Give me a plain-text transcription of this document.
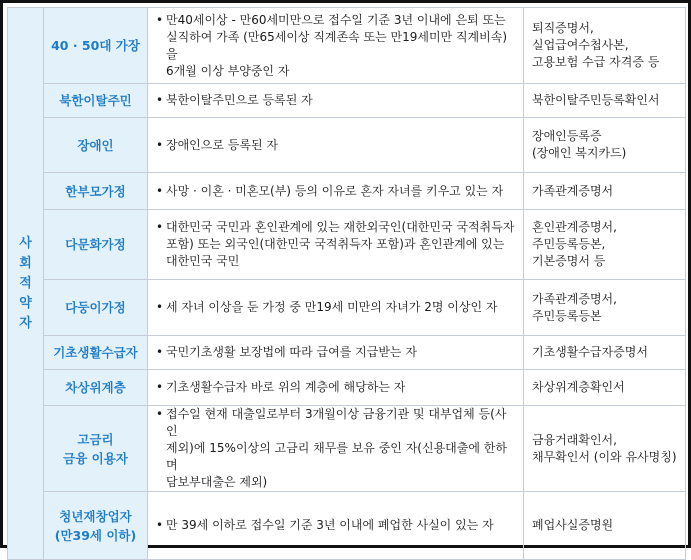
사
회
적
약
자	40 · 50대 가장	• 만40세이상 - 만60세미만으로 접수일 기준 3년 이내에 은퇴 또는
실직하여 가족 (만65세이상 직계존속 또는 만19세미만 직계비속)을
6개월 이상 부양중인 자	퇴직증명서,
실업급여수첩사본,
고용보험 수급 자격증 등
	북한이탈주민	• 북한이탈주민으로 등록된 자	북한이탈주민등록확인서
	장애인	• 장애인으로 등록된 자	장애인등록증
(장애인 복지카드)
	한부모가정	• 사망 · 이혼 · 미혼모(부) 등의 이유로 혼자 자녀를 키우고 있는 자	가족관계증명서
	다문화가정	• 대한민국 국민과 혼인관계에 있는 재한외국인(대한민국 국적취득자
포함) 또는 외국인(대한민국 국적취득자 포함)과 혼인관계에 있는
대한민국 국민	혼인관계증명서,
주민등록등본,
기본증명서 등
	다둥이가정	• 세 자녀 이상을 둔 가정 중 만19세 미만의 자녀가 2명 이상인 자	가족관계증명서,
주민등록등본
	기초생활수급자	• 국민기초생활 보장법에 따라 급여를 지급받는 자	기초생활수급자증명서
	차상위계층	• 기초생활수급자 바로 위의 계층에 해당하는 자	차상위계층확인서
	고금리
금융 이용자	• 접수일 현재 대출일로부터 3개월이상 금융기관 및 대부업체 등(사인
제외)에 15%이상의 고금리 채무를 보유 중인 자(신용대출에 한하며
담보부대출은 제외)	금융거래확인서,
채무확인서 (이와 유사명칭)
	청년재창업자
(만39세 이하)	• 만 39세 이하로 접수일 기준 3년 이내에 폐업한 사실이 있는 자	폐업사실증명원
